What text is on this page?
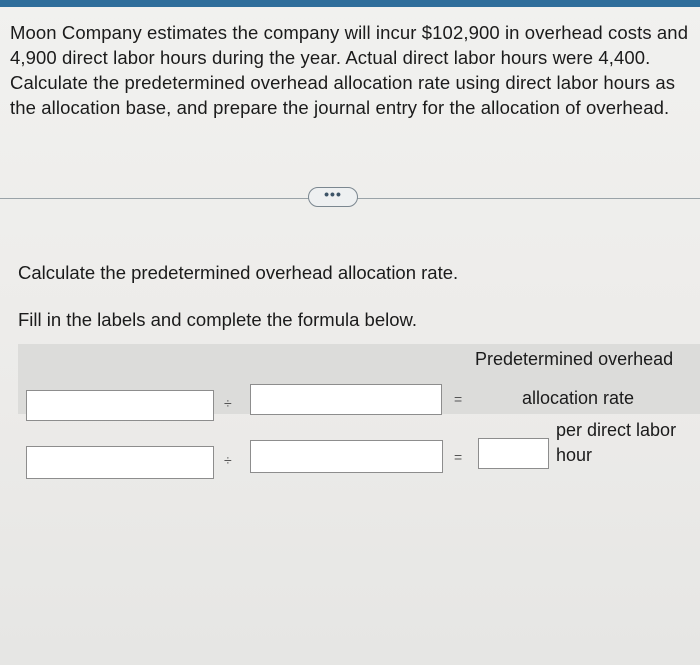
Moon Company estimates the company will incur $102,900 in overhead costs and 4,900 direct labor hours during the year. Actual direct labor hours were 4,400. Calculate the predetermined overhead allocation rate using direct labor hours as the allocation base, and prepare the journal entry for the allocation of overhead.
•••
Calculate the predetermined overhead allocation rate.
Fill in the labels and complete the formula below.
Predetermined overhead
÷	=	allocation rate
÷	=
per direct labor
hour
